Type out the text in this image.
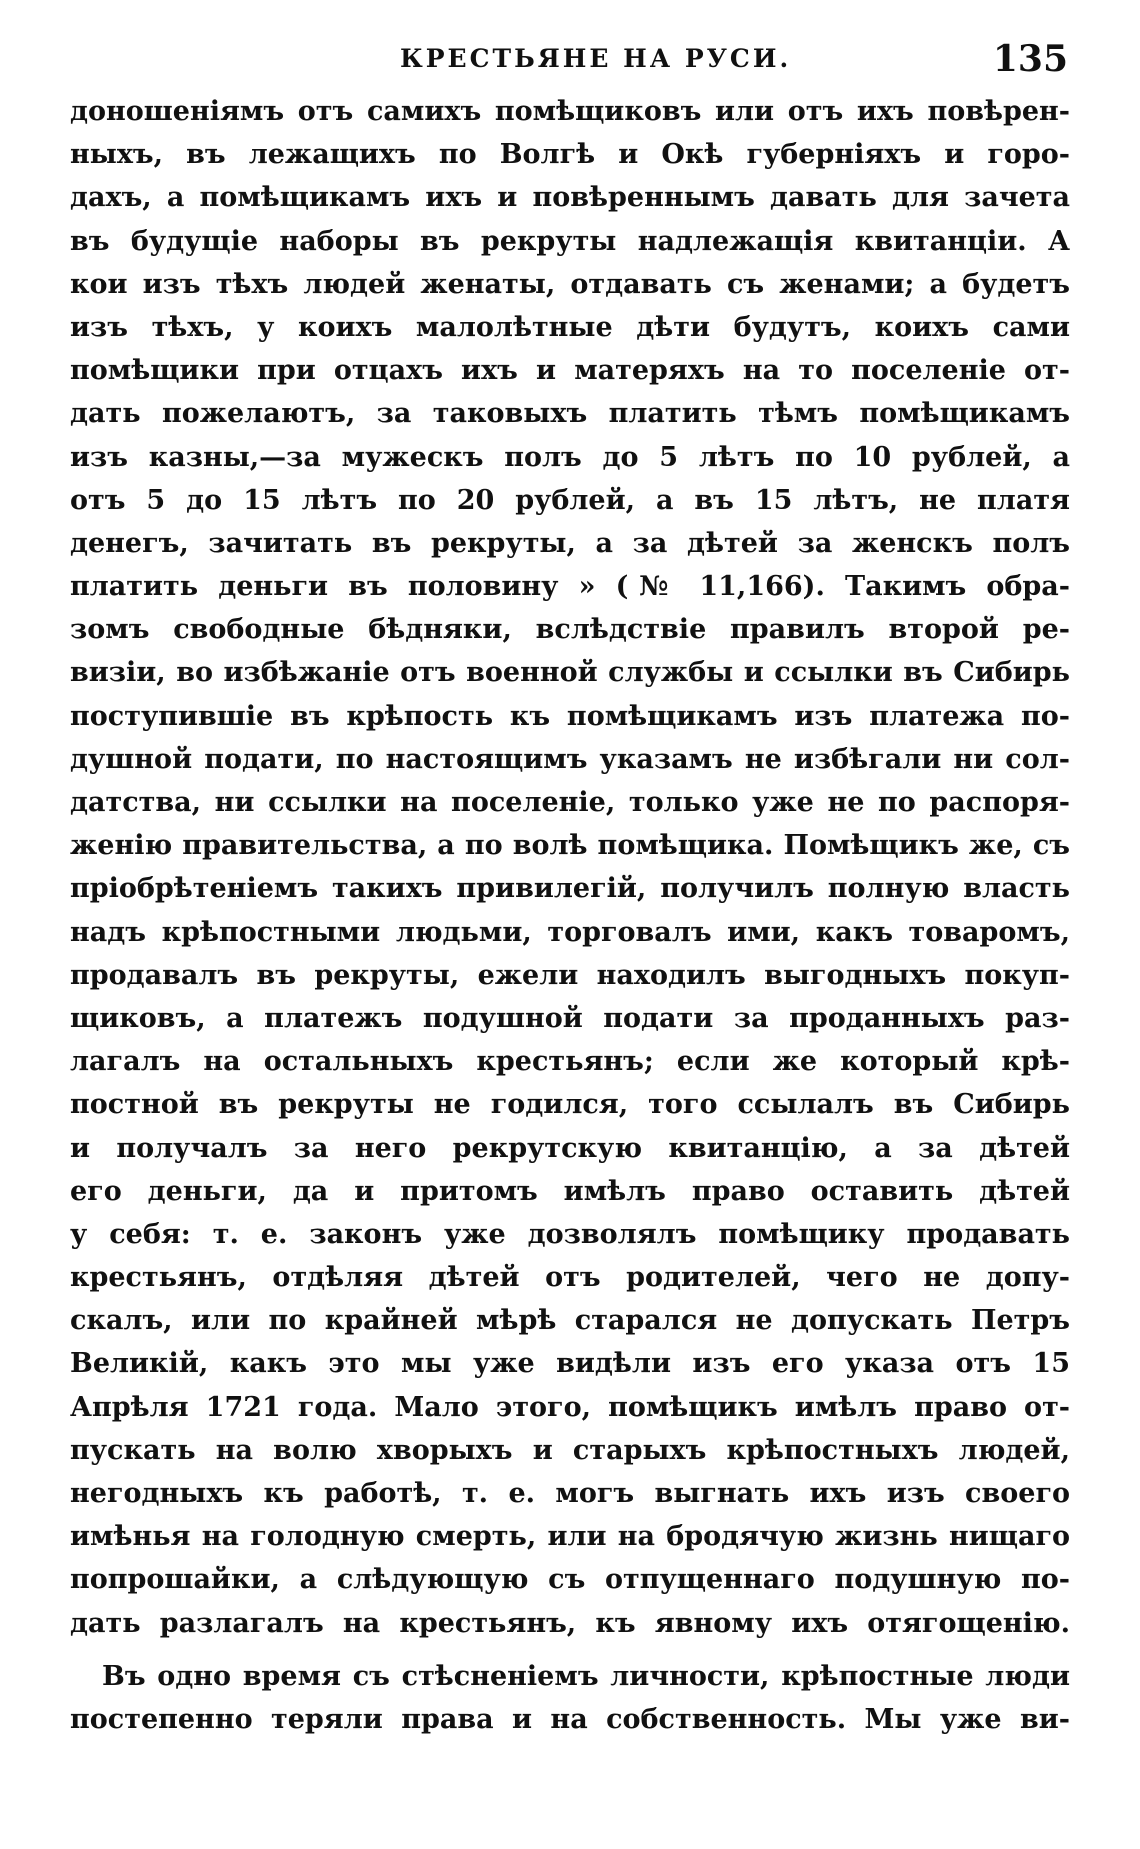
КРЕСТЬЯНЕ НА РУСИ.	135
доношеніямъ отъ самихъ помѣщиковъ или отъ ихъ повѣрен-
ныхъ, въ лежащихъ по Волгѣ и Окѣ губерніяхъ и горо-
дахъ, а помѣщикамъ ихъ и повѣреннымъ давать для зачета
въ будущіе наборы въ рекруты надлежащія квитанціи. А
кои изъ тѣхъ людей женаты, отдавать съ женами; а будетъ
изъ тѣхъ, у коихъ малолѣтные дѣти будутъ, коихъ сами
помѣщики при отцахъ ихъ и матеряхъ на то поселеніе от-
дать пожелаютъ, за таковыхъ платить тѣмъ помѣщикамъ
изъ казны,—за мужескъ полъ до 5 лѣтъ по 10 рублей, а
отъ 5 до 15 лѣтъ по 20 рублей, а въ 15 лѣтъ, не платя
денегъ, зачитать въ рекруты, а за дѣтей за женскъ полъ
платить деньги въ половину » (№ 11,166). Такимъ обра-
зомъ свободные бѣдняки, вслѣдствіе правилъ второй ре-
визіи, во избѣжаніе отъ военной службы и ссылки въ Сибирь
поступившіе въ крѣпость къ помѣщикамъ изъ платежа по-
душной подати, по настоящимъ указамъ не избѣгали ни сол-
датства, ни ссылки на поселеніе, только уже не по распоря-
женію правительства, а по волѣ помѣщика. Помѣщикъ же, съ
пріобрѣтеніемъ такихъ привилегій, получилъ полную власть
надъ крѣпостными людьми, торговалъ ими, какъ товаромъ,
продавалъ въ рекруты, ежели находилъ выгодныхъ покуп-
щиковъ, а платежъ подушной подати за проданныхъ раз-
лагалъ на остальныхъ крестьянъ; если же который крѣ-
постной въ рекруты не годился, того ссылалъ въ Сибирь
и получалъ за него рекрутскую квитанцію, а за дѣтей
его деньги, да и притомъ имѣлъ право оставить дѣтей
у себя: т. е. законъ уже дозволялъ помѣщику продавать
крестьянъ, отдѣляя дѣтей отъ родителей, чего не допу-
скалъ, или по крайней мѣрѣ старался не допускать Петръ
Великій, какъ это мы уже видѣли изъ его указа отъ 15
Апрѣля 1721 года. Мало этого, помѣщикъ имѣлъ право от-
пускать на волю хворыхъ и старыхъ крѣпостныхъ людей,
негодныхъ къ работѣ, т. е. могъ выгнать ихъ изъ своего
имѣнья на голодную смерть, или на бродячую жизнь нищаго
попрошайки, а слѣдующую съ отпущеннаго подушную по-
дать разлагалъ на крестьянъ, къ явному ихъ отягощенію.
Въ одно время съ стѣсненіемъ личности, крѣпостные люди
постепенно теряли права и на собственность. Мы уже ви-
